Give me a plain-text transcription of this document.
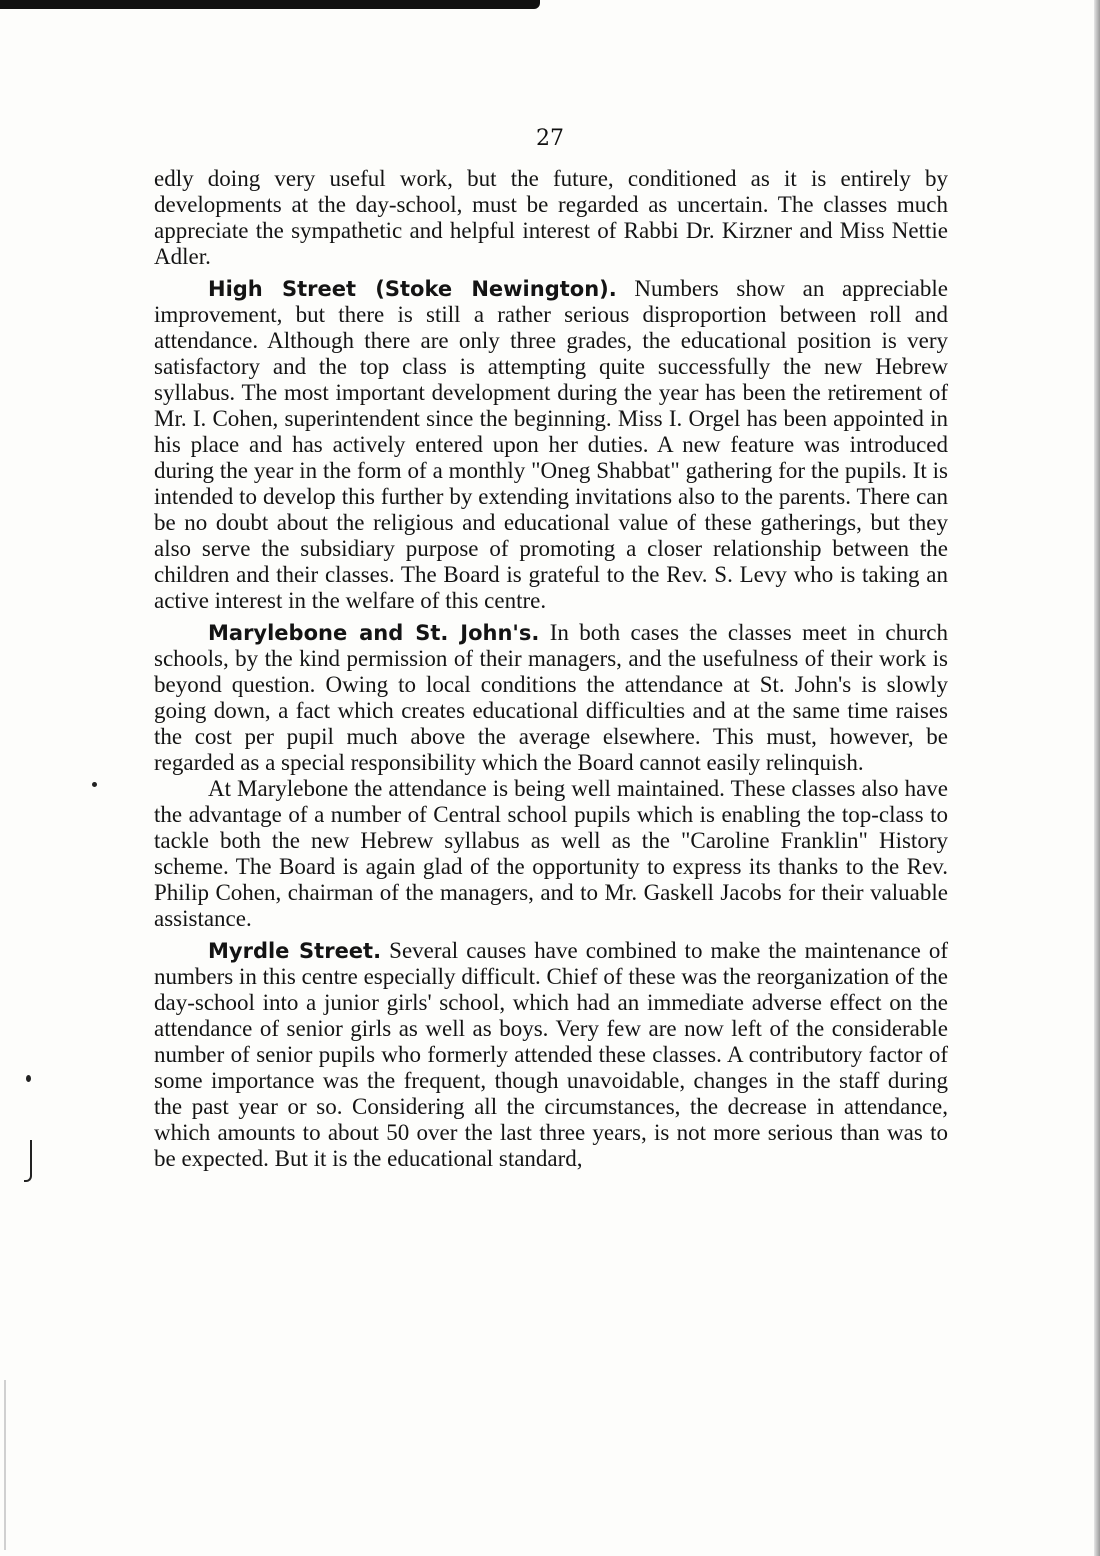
27

edly doing very useful work, but the future, conditioned as it is entirely by developments at the day-school, must be regarded as uncertain. The classes much appreciate the sympathetic and helpful interest of Rabbi Dr. Kirzner and Miss Nettie Adler.

High Street (Stoke Newington). Numbers show an appreciable improvement, but there is still a rather serious disproportion between roll and attendance. Although there are only three grades, the educational position is very satisfactory and the top class is attempting quite successfully the new Hebrew syllabus. The most important development during the year has been the retirement of Mr. I. Cohen, superintendent since the beginning. Miss I. Orgel has been appointed in his place and has actively entered upon her duties. A new feature was introduced during the year in the form of a monthly "Oneg Shabbat" gathering for the pupils. It is intended to develop this further by extending invitations also to the parents. There can be no doubt about the religious and educational value of these gatherings, but they also serve the subsidiary purpose of promoting a closer relationship between the children and their classes. The Board is grateful to the Rev. S. Levy who is taking an active interest in the welfare of this centre.

Marylebone and St. John's. In both cases the classes meet in church schools, by the kind permission of their managers, and the usefulness of their work is beyond question. Owing to local conditions the attendance at St. John's is slowly going down, a fact which creates educational difficulties and at the same time raises the cost per pupil much above the average elsewhere. This must, however, be regarded as a special responsibility which the Board cannot easily relinquish.

At Marylebone the attendance is being well maintained. These classes also have the advantage of a number of Central school pupils which is enabling the top-class to tackle both the new Hebrew syllabus as well as the "Caroline Franklin" History scheme. The Board is again glad of the opportunity to express its thanks to the Rev. Philip Cohen, chairman of the managers, and to Mr. Gaskell Jacobs for their valuable assistance.

Myrdle Street. Several causes have combined to make the maintenance of numbers in this centre especially difficult. Chief of these was the reorganization of the day-school into a junior girls' school, which had an immediate adverse effect on the attendance of senior girls as well as boys. Very few are now left of the considerable number of senior pupils who formerly attended these classes. A contributory factor of some importance was the frequent, though unavoidable, changes in the staff during the past year or so. Considering all the circumstances, the decrease in attendance, which amounts to about 50 over the last three years, is not more serious than was to be expected. But it is the educational standard,
